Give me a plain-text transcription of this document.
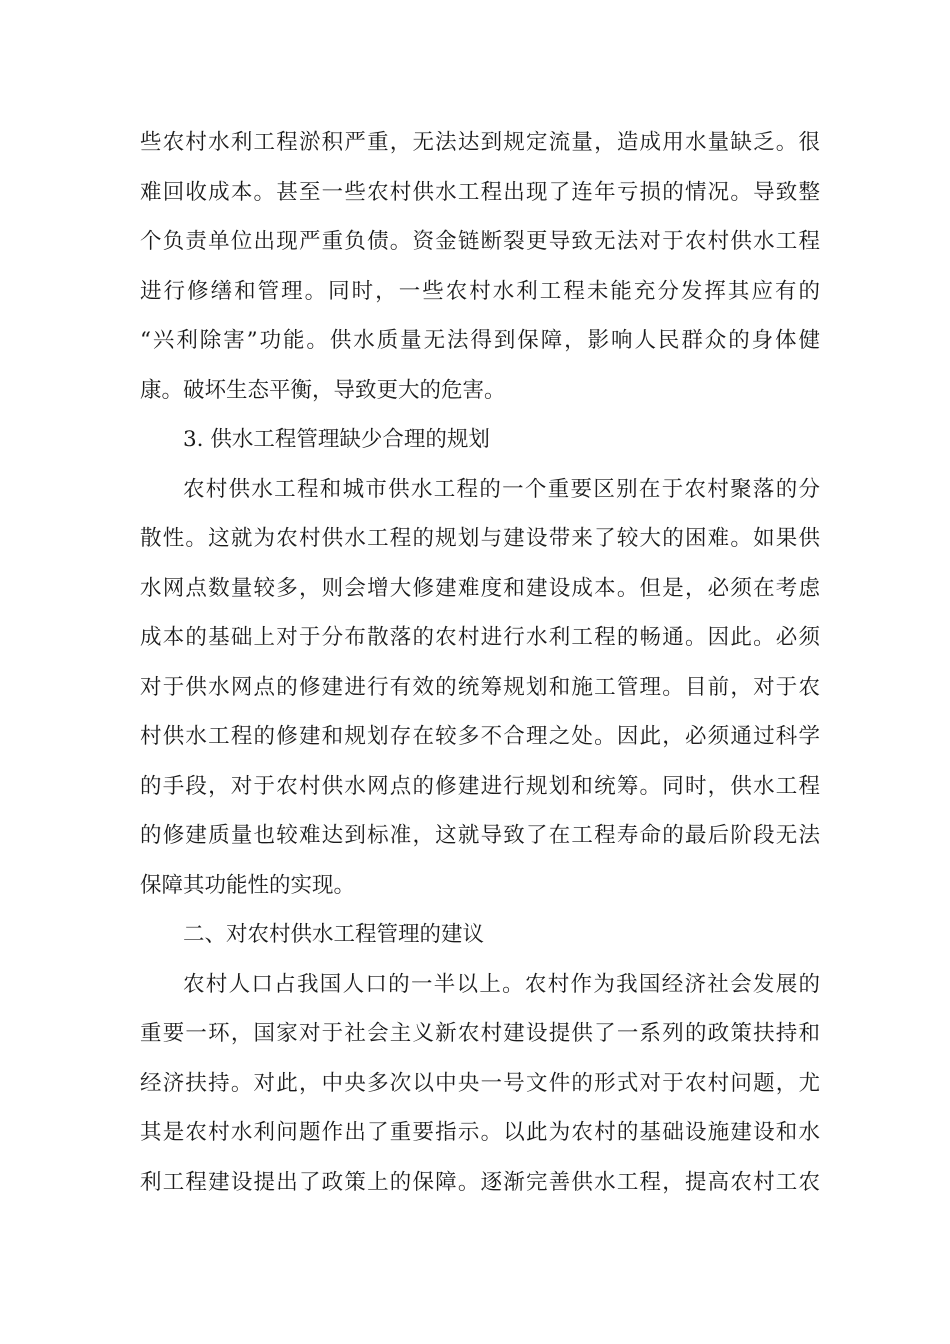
些农村水利工程淤积严重，无法达到规定流量，造成用水量缺乏。很
难回收成本。甚至一些农村供水工程出现了连年亏损的情况。导致整
个负责单位出现严重负债。资金链断裂更导致无法对于农村供水工程
进行修缮和管理。同时，一些农村水利工程未能充分发挥其应有的
“兴利除害”功能。供水质量无法得到保障，影响人民群众的身体健
康。破坏生态平衡，导致更大的危害。
3. 供水工程管理缺少合理的规划
农村供水工程和城市供水工程的一个重要区别在于农村聚落的分
散性。这就为农村供水工程的规划与建设带来了较大的困难。如果供
水网点数量较多，则会增大修建难度和建设成本。但是，必须在考虑
成本的基础上对于分布散落的农村进行水利工程的畅通。因此。必须
对于供水网点的修建进行有效的统筹规划和施工管理。目前，对于农
村供水工程的修建和规划存在较多不合理之处。因此，必须通过科学
的手段，对于农村供水网点的修建进行规划和统筹。同时，供水工程
的修建质量也较难达到标准，这就导致了在工程寿命的最后阶段无法
保障其功能性的实现。
二、对农村供水工程管理的建议
农村人口占我国人口的一半以上。农村作为我国经济社会发展的
重要一环，国家对于社会主义新农村建设提供了一系列的政策扶持和
经济扶持。对此，中央多次以中央一号文件的形式对于农村问题，尤
其是农村水利问题作出了重要指示。以此为农村的基础设施建设和水
利工程建设提出了政策上的保障。逐渐完善供水工程，提高农村工农
